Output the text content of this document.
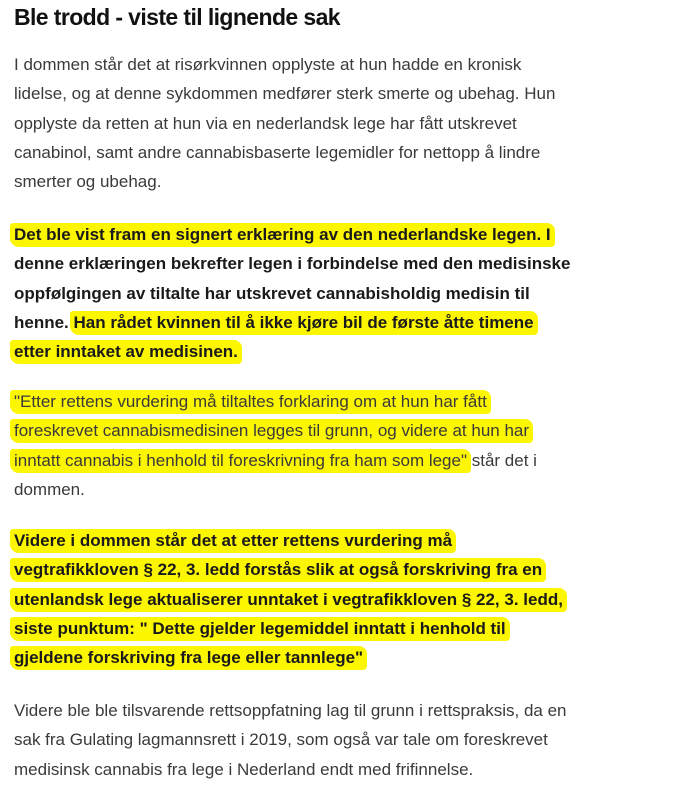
Ble trodd - viste til lignende sak

I dommen står det at risørkvinnen opplyste at hun hadde en kronisk
lidelse, og at denne sykdommen medfører sterk smerte og ubehag. Hun
opplyste da retten at hun via en nederlandsk lege har fått utskrevet
canabinol, samt andre cannabisbaserte legemidler for nettopp å lindre
smerter og ubehag.

Det ble vist fram en signert erklæring av den nederlandske legen. I
denne erklæringen bekrefter legen i forbindelse med den medisinske
oppfølgingen av tiltalte har utskrevet cannabisholdig medisin til
henne. Han rådet kvinnen til å ikke kjøre bil de første åtte timene
etter inntaket av medisinen.

"Etter rettens vurdering må tiltaltes forklaring om at hun har fått
foreskrevet cannabismedisinen legges til grunn, og videre at hun har
inntatt cannabis i henhold til foreskrivning fra ham som lege" står det i
dommen.

Videre i dommen står det at etter rettens vurdering må
vegtrafikkloven § 22, 3. ledd forstås slik at også forskriving fra en
utenlandsk lege aktualiserer unntaket i vegtrafikkloven § 22, 3. ledd,
siste punktum: " Dette gjelder legemiddel inntatt i henhold til
gjeldene forskriving fra lege eller tannlege"

Videre ble ble tilsvarende rettsoppfatning lag til grunn i rettspraksis, da en
sak fra Gulating lagmannsrett i 2019, som også var tale om foreskrevet
medisinsk cannabis fra lege i Nederland endt med frifinnelse.
